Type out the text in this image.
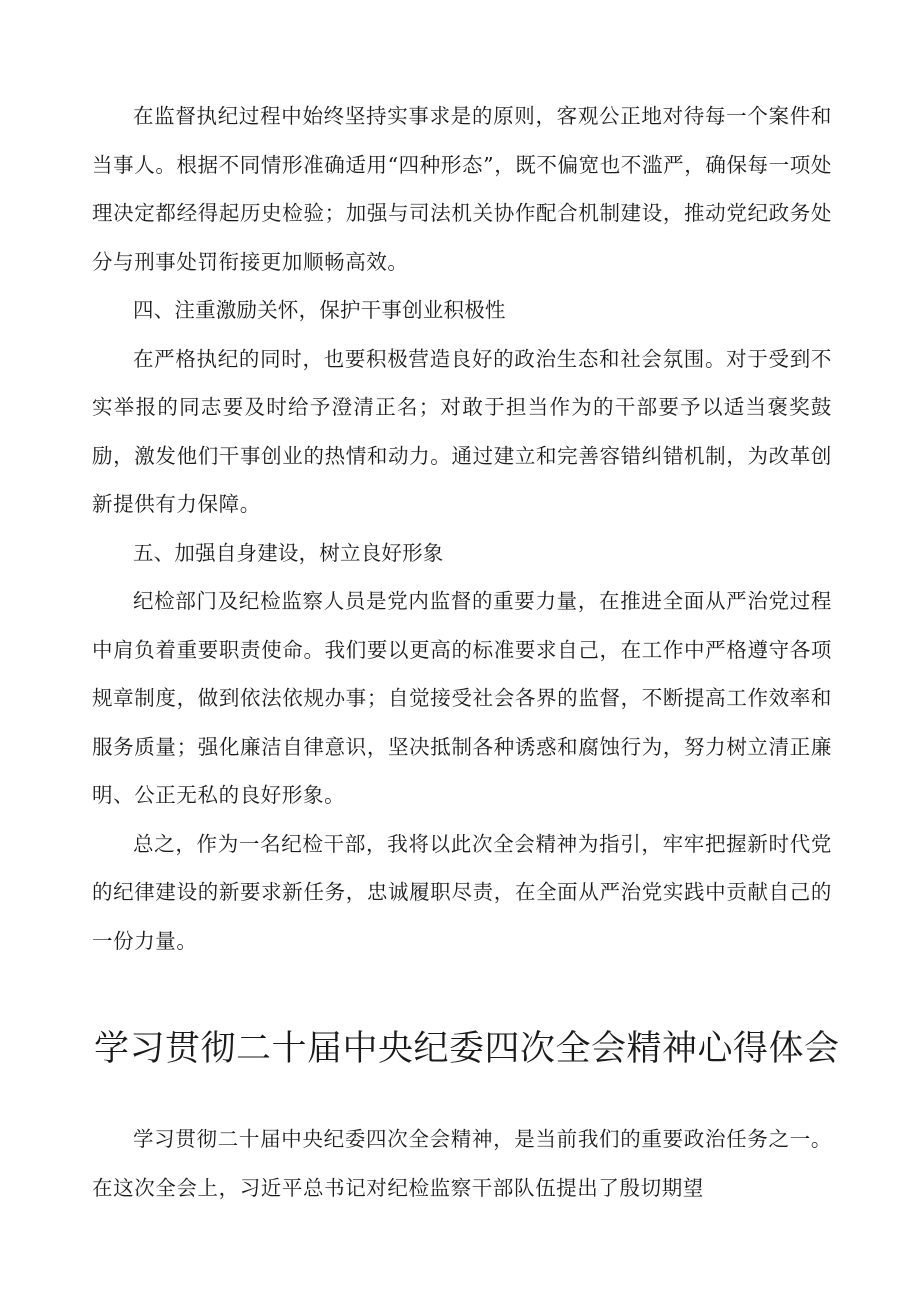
在监督执纪过程中始终坚持实事求是的原则，客观公正地对待每一个案件和当事人。根据不同情形准确适用“四种形态”，既不偏宽也不滥严，确保每一项处理决定都经得起历史检验；加强与司法机关协作配合机制建设，推动党纪政务处分与刑事处罚衔接更加顺畅高效。

四、注重激励关怀，保护干事创业积极性

在严格执纪的同时，也要积极营造良好的政治生态和社会氛围。对于受到不实举报的同志要及时给予澄清正名；对敢于担当作为的干部要予以适当褒奖鼓励，激发他们干事创业的热情和动力。通过建立和完善容错纠错机制，为改革创新提供有力保障。

五、加强自身建设，树立良好形象

纪检部门及纪检监察人员是党内监督的重要力量，在推进全面从严治党过程中肩负着重要职责使命。我们要以更高的标准要求自己，在工作中严格遵守各项规章制度，做到依法依规办事；自觉接受社会各界的监督，不断提高工作效率和服务质量；强化廉洁自律意识，坚决抵制各种诱惑和腐蚀行为，努力树立清正廉明、公正无私的良好形象。

总之，作为一名纪检干部，我将以此次全会精神为指引，牢牢把握新时代党的纪律建设的新要求新任务，忠诚履职尽责，在全面从严治党实践中贡献自己的一份力量。

学习贯彻二十届中央纪委四次全会精神心得体会

学习贯彻二十届中央纪委四次全会精神，是当前我们的重要政治任务之一。在这次全会上，习近平总书记对纪检监察干部队伍提出了殷切期望
